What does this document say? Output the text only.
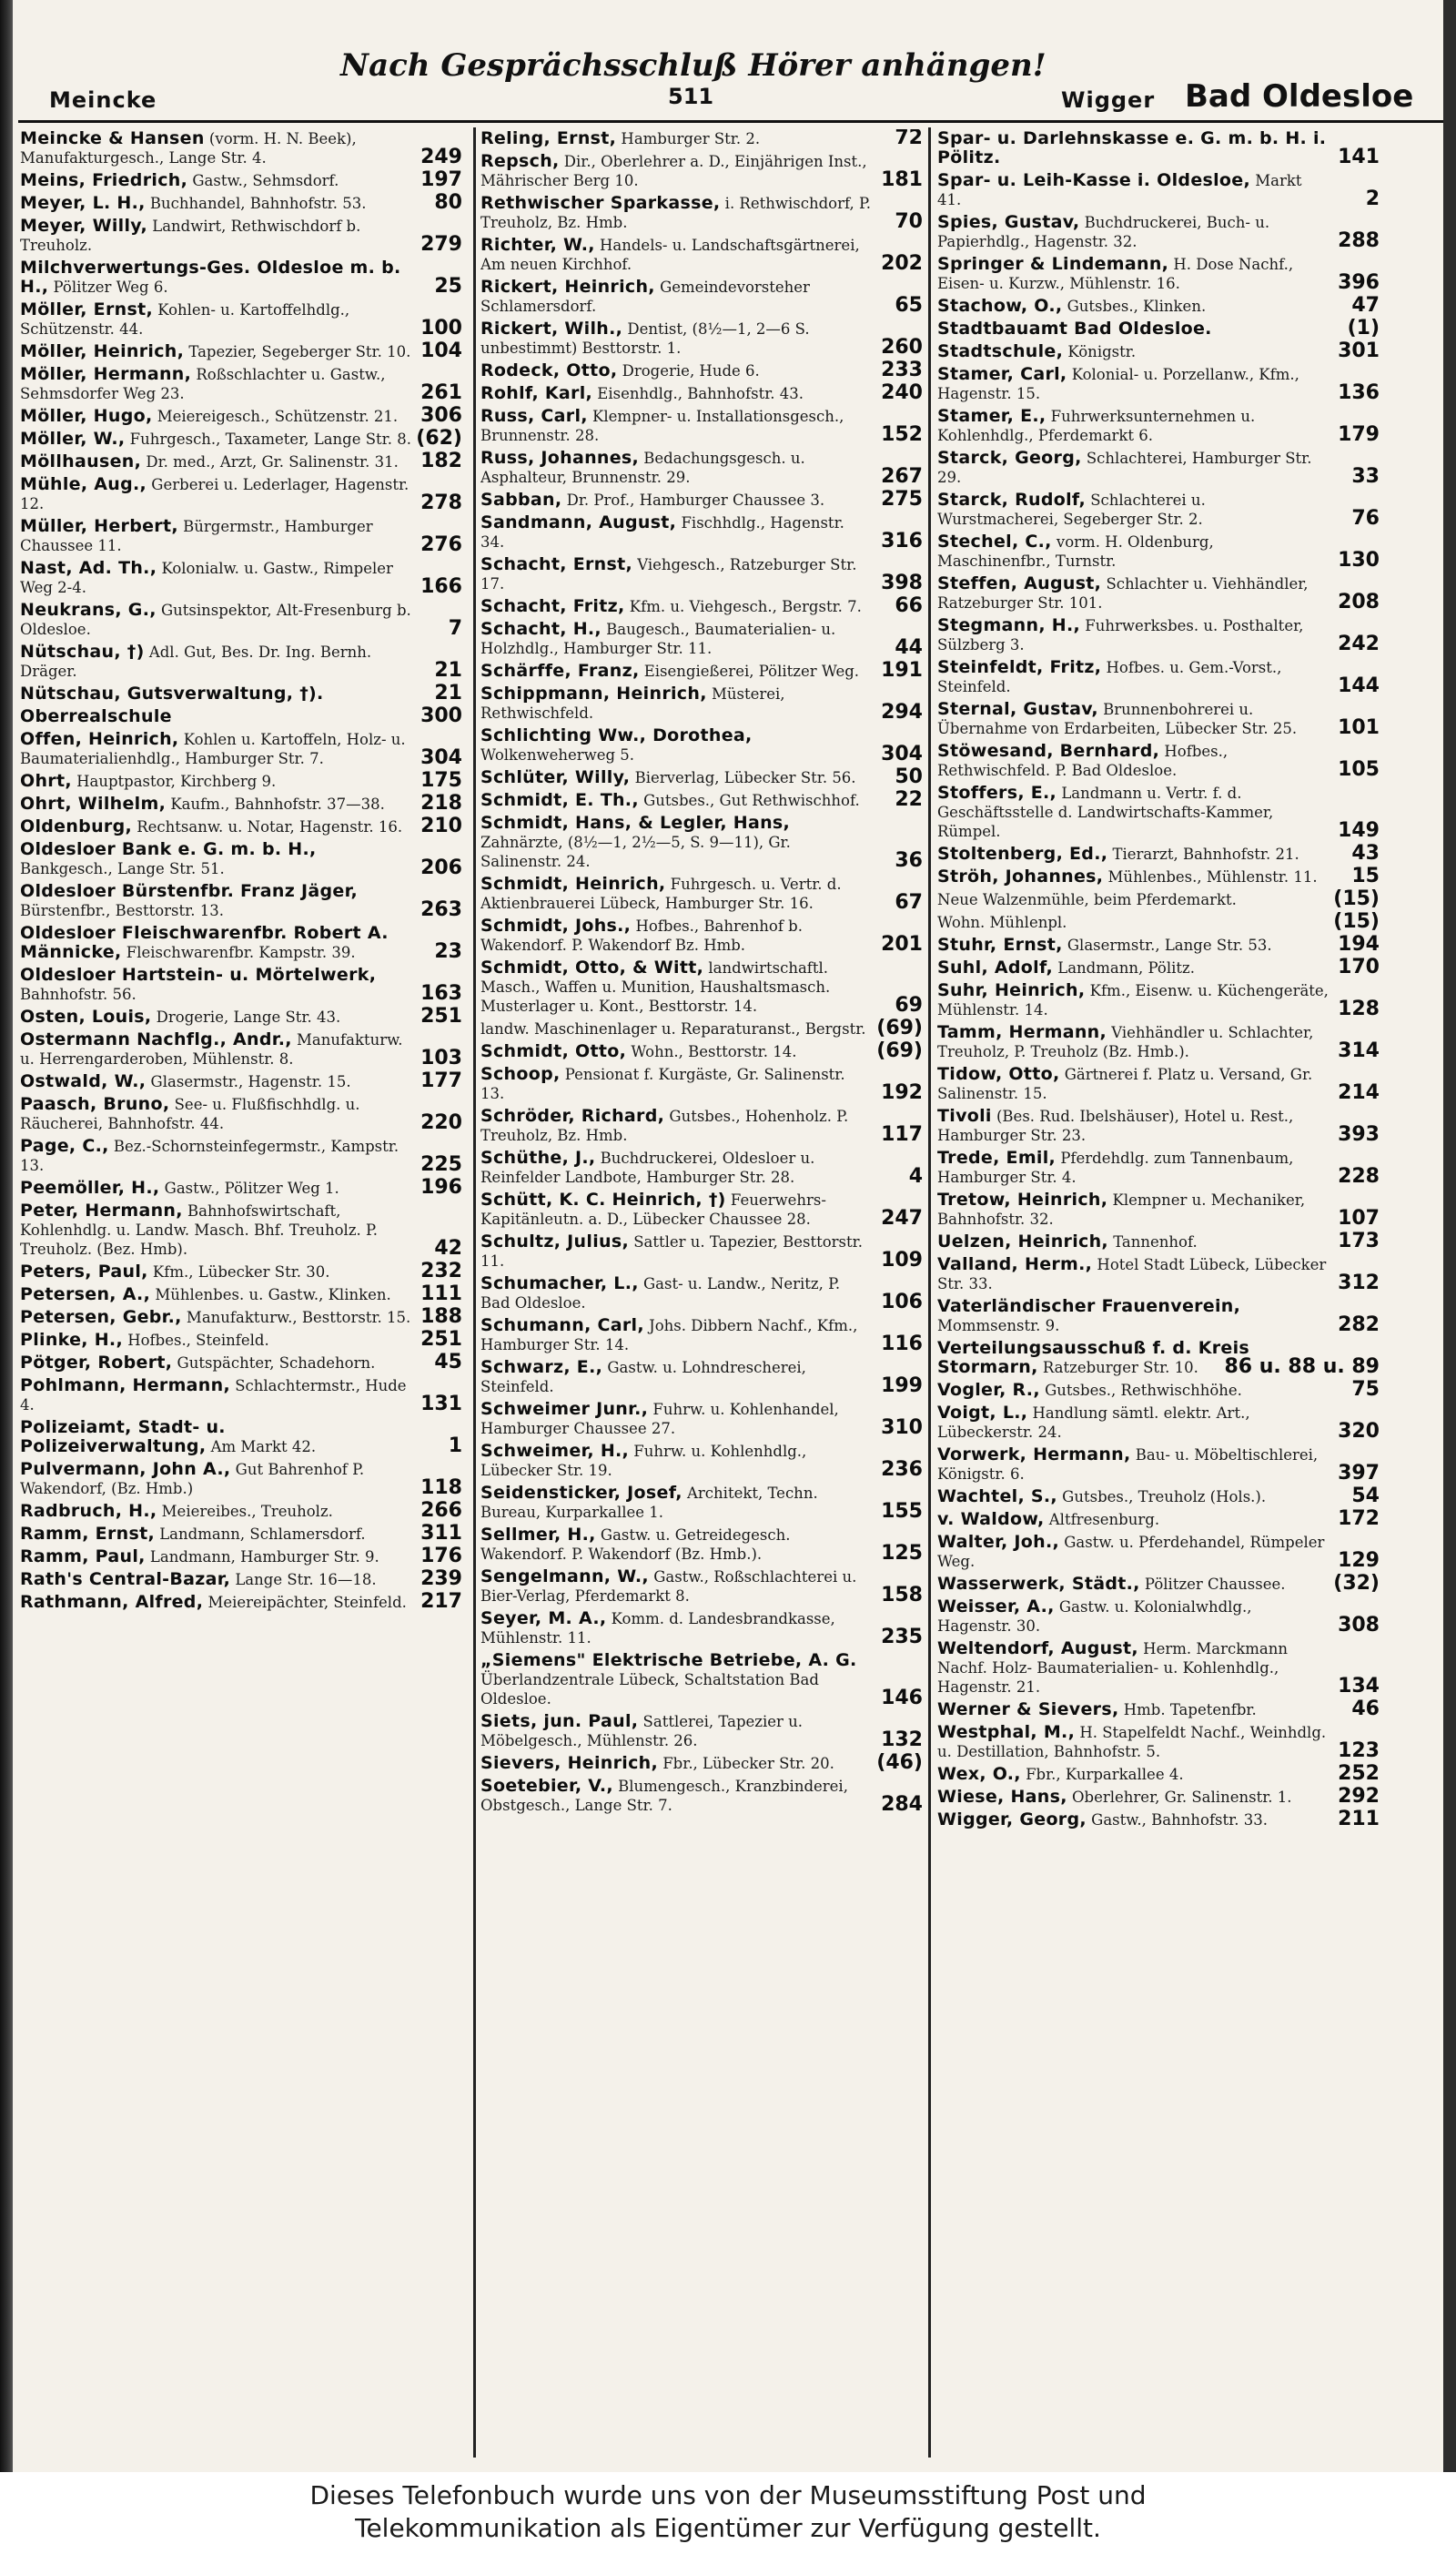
Nach Gesprächsschluß Hörer anhängen!
Meincke	511	Wigger Bad Oldesloe
Meincke & Hansen (vorm. H. N. Beek), Manufakturgesch., Lange Str. 4.	249
Meins, Friedrich, Gastw., Sehmsdorf.	197
Meyer, L. H., Buchhandel, Bahnhofstr. 53.	80
Meyer, Willy, Landwirt, Rethwischdorf b. Treuholz.	279
Milchverwertungs-Ges. Oldesloe m. b. H., Pölitzer Weg 6.	25
Möller, Ernst, Kohlen- u. Kartoffelhdlg., Schützenstr. 44.	100
Möller, Heinrich, Tapezier, Segeberger Str. 10. 104
Möller, Hermann, Roßschlachter u. Gastw., Sehmsdorfer Weg 23.	261
Möller, Hugo, Meiereigesch., Schützenstr. 21. 306
Möller, W., Fuhrgesch., Taxameter, Lange Str. 8. (62)
Möllhausen, Dr. med., Arzt, Gr. Salinenstr. 31. 182
Mühle, Aug., Gerberei u. Lederlager, Hagenstr. 12.	278
Müller, Herbert, Bürgermstr., Hamburger Chaussee 11.	276
Nast, Ad. Th., Kolonialw. u. Gastw., Rimpeler Weg 2-4.	166
Neukrans, G., Gutsinspektor, Alt-Fresenburg b. Oldesloe.	7
Nütschau, †) Adl. Gut, Bes. Dr. Ing. Bernh. Dräger.	21
Nütschau, Gutsverwaltung, †).	21
Oberrealschule	300
Offen, Heinrich, Kohlen u. Kartoffeln, Holz- u. Baumaterialienhdlg., Hamburger Str. 7.	304
Ohrt, Hauptpastor, Kirchberg 9.	175
Ohrt, Wilhelm, Kaufm., Bahnhofstr. 37—38. 218
Oldenburg, Rechtsanw. u. Notar, Hagenstr. 16. 210
Oldesloer Bank e. G. m. b. H., Bankgesch., Lange Str. 51.	206
Oldesloer Bürstenfbr. Franz Jäger, Bürstenfbr., Besttorstr. 13.	263
Oldesloer Fleischwarenfbr. Robert A. Männicke, Fleischwarenfbr. Kampstr. 39.	23
Oldesloer Hartstein- u. Mörtelwerk, Bahnhofstr. 56.	163
Osten, Louis, Drogerie, Lange Str. 43.	251
Ostermann Nachflg., Andr., Manufakturw. u. Herrengarderoben, Mühlenstr. 8.	103
Ostwald, W., Glasermstr., Hagenstr. 15.	177
Paasch, Bruno, See- u. Flußfischhdlg. u. Räucherei, Bahnhofstr. 44.	220
Page, C., Bez.-Schornsteinfegermstr., Kampstr. 13.	225
Peemöller, H., Gastw., Pölitzer Weg 1.	196
Peter, Hermann, Bahnhofswirtschaft, Kohlenhdlg. u. Landw. Masch. Bhf. Treuholz. P. Treuholz. (Bez. Hmb).	42
Peters, Paul, Kfm., Lübecker Str. 30.	232
Petersen, A., Mühlenbes. u. Gastw., Klinken. 111
Petersen, Gebr., Manufakturw., Besttorstr. 15. 188
Plinke, H., Hofbes., Steinfeld.	251
Pötger, Robert, Gutspächter, Schadehorn.	45
Pohlmann, Hermann, Schlachtermstr., Hude 4.	131
Polizeiamt, Stadt- u. Polizeiverwaltung, Am Markt 42.	1
Pulvermann, John A., Gut Bahrenhof P. Wakendorf, (Bz. Hmb.)	118
Radbruch, H., Meiereibes., Treuholz.	266
Ramm, Ernst, Landmann, Schlamersdorf.	311
Ramm, Paul, Landmann, Hamburger Str. 9. 176
Rath's Central-Bazar, Lange Str. 16—18. 239
Rathmann, Alfred, Meiereipächter, Steinfeld. 217
Reling, Ernst, Hamburger Str. 2.	72
Repsch, Dir., Oberlehrer a. D., Einjährigen Inst., Mährischer Berg 10.	181
Rethwischer Sparkasse, i. Rethwischdorf, P. Treuholz, Bz. Hmb.	70
Richter, W., Handels- u. Landschaftsgärtnerei, Am neuen Kirchhof.	202
Rickert, Heinrich, Gemeindevorsteher Schlamersdorf.	65
Rickert, Wilh., Dentist, (8½—1, 2—6 S. unbestimmt) Besttorstr. 1.	260
Rodeck, Otto, Drogerie, Hude 6.	233
Rohlf, Karl, Eisenhdlg., Bahnhofstr. 43.	240
Russ, Carl, Klempner- u. Installationsgesch., Brunnenstr. 28.	152
Russ, Johannes, Bedachungsgesch. u. Asphalteur, Brunnenstr. 29.	267
Sabban, Dr. Prof., Hamburger Chaussee 3.	275
Sandmann, August, Fischhdlg., Hagenstr. 34.	316
Schacht, Ernst, Viehgesch., Ratzeburger Str. 17.	398
Schacht, Fritz, Kfm. u. Viehgesch., Bergstr. 7. 66
Schacht, H., Baugesch., Baumaterialien- u. Holzhdlg., Hamburger Str. 11.	44
Schärffe, Franz, Eisengießerei, Pölitzer Weg. 191
Schippmann, Heinrich, Müsterei, Rethwischfeld.	294
Schlichting Ww., Dorothea, Wolkenweherweg 5.	304
Schlüter, Willy, Bierverlag, Lübecker Str. 56. 50
Schmidt, E. Th., Gutsbes., Gut Rethwischhof. 22
Schmidt, Hans, & Legler, Hans, Zahnärzte, (8½—1, 2½—5, S. 9—11), Gr. Salinenstr. 24.	36
Schmidt, Heinrich, Fuhrgesch. u. Vertr. d. Aktienbrauerei Lübeck, Hamburger Str. 16.	67
Schmidt, Johs., Hofbes., Bahrenhof b. Wakendorf. P. Wakendorf Bz. Hmb.	201
Schmidt, Otto, & Witt, landwirtschaftl. Masch., Waffen u. Munition, Haushaltsmasch. Musterlager u. Kont., Besttorstr. 14.	69
landw. Maschinenlager u. Reparaturanst., Bergstr. (69)
Schmidt, Otto, Wohn., Besttorstr. 14.	(69)
Schoop, Pensionat f. Kurgäste, Gr. Salinenstr. 13.	192
Schröder, Richard, Gutsbes., Hohenholz. P. Treuholz, Bz. Hmb.	117
Schüthe, J., Buchdruckerei, Oldesloer u. Reinfelder Landbote, Hamburger Str. 28.	4
Schütt, K. C. Heinrich, †) Feuerwehrs-Kapitänleutn. a. D., Lübecker Chaussee 28.	247
Schultz, Julius, Sattler u. Tapezier, Besttorstr. 11.	109
Schumacher, L., Gast- u. Landw., Neritz, P. Bad Oldesloe.	106
Schumann, Carl, Johs. Dibbern Nachf., Kfm., Hamburger Str. 14.	116
Schwarz, E., Gastw. u. Lohndrescherei, Steinfeld.	199
Schweimer Junr., Fuhrw. u. Kohlenhandel, Hamburger Chaussee 27.	310
Schweimer, H., Fuhrw. u. Kohlenhdlg., Lübecker Str. 19.	236
Seidensticker, Josef, Architekt, Techn. Bureau, Kurparkallee 1.	155
Sellmer, H., Gastw. u. Getreidegesch. Wakendorf. P. Wakendorf (Bz. Hmb.).	125
Sengelmann, W., Gastw., Roßschlachterei u. Bier-Verlag, Pferdemarkt 8.	158
Seyer, M. A., Komm. d. Landesbrandkasse, Mühlenstr. 11.	235
„Siemens" Elektrische Betriebe, A. G. Überlandzentrale Lübeck, Schaltstation Bad Oldesloe.	146
Siets, jun. Paul, Sattlerei, Tapezier u. Möbelgesch., Mühlenstr. 26.	132
Sievers, Heinrich, Fbr., Lübecker Str. 20. (46)
Soetebier, V., Blumengesch., Kranzbinderei, Obstgesch., Lange Str. 7.	284
Spar- u. Darlehnskasse e. G. m. b. H. i. Pölitz.	141
Spar- u. Leih-Kasse i. Oldesloe, Markt 41.	2
Spies, Gustav, Buchdruckerei, Buch- u. Papierhdlg., Hagenstr. 32.	288
Springer & Lindemann, H. Dose Nachf., Eisen- u. Kurzw., Mühlenstr. 16.	396
Stachow, O., Gutsbes., Klinken.	47
Stadtbauamt Bad Oldesloe.	(1)
Stadtschule, Königstr.	301
Stamer, Carl, Kolonial- u. Porzellanw., Kfm., Hagenstr. 15.	136
Stamer, E., Fuhrwerksunternehmen u. Kohlenhdlg., Pferdemarkt 6.	179
Starck, Georg, Schlachterei, Hamburger Str. 29.	33
Starck, Rudolf, Schlachterei u. Wurstmacherei, Segeberger Str. 2.	76
Stechel, C., vorm. H. Oldenburg, Maschinenfbr., Turnstr.	130
Steffen, August, Schlachter u. Viehhändler, Ratzeburger Str. 101.	208
Stegmann, H., Fuhrwerksbes. u. Posthalter, Sülzberg 3.	242
Steinfeldt, Fritz, Hofbes. u. Gem.-Vorst., Steinfeld.	144
Sternal, Gustav, Brunnenbohrerei u. Übernahme von Erdarbeiten, Lübecker Str. 25. 101
Stöwesand, Bernhard, Hofbes., Rethwischfeld. P. Bad Oldesloe.	105
Stoffers, E., Landmann u. Vertr. f. d. Geschäftsstelle d. Landwirtschafts-Kammer, Rümpel.	149
Stoltenberg, Ed., Tierarzt, Bahnhofstr. 21.	43
Ströh, Johannes, Mühlenbes., Mühlenstr. 11. 15
Neue Walzenmühle, beim Pferdemarkt.	(15)
Wohn. Mühlenpl.	(15)
Stuhr, Ernst, Glasermstr., Lange Str. 53.	194
Suhl, Adolf, Landmann, Pölitz.	170
Suhr, Heinrich, Kfm., Eisenw. u. Küchengeräte, Mühlenstr. 14.	128
Tamm, Hermann, Viehhändler u. Schlachter, Treuholz, P. Treuholz (Bz. Hmb.).	314
Tidow, Otto, Gärtnerei f. Platz u. Versand, Gr. Salinenstr. 15.	214
Tivoli (Bes. Rud. Ibelshäuser), Hotel u. Rest., Hamburger Str. 23.	393
Trede, Emil, Pferdehdlg. zum Tannenbaum, Hamburger Str. 4.	228
Tretow, Heinrich, Klempner u. Mechaniker, Bahnhofstr. 32.	107
Uelzen, Heinrich, Tannenhof.	173
Valland, Herm., Hotel Stadt Lübeck, Lübecker Str. 33.	312
Vaterländischer Frauenverein, Mommsenstr. 9.	282
Verteilungsausschuß f. d. Kreis Stormarn, Ratzeburger Str. 10. 86 u. 88 u. 89
Vogler, R., Gutsbes., Rethwischhöhe.	75
Voigt, L., Handlung sämtl. elektr. Art., Lübeckerstr. 24.	320
Vorwerk, Hermann, Bau- u. Möbeltischlerei, Königstr. 6.	397
Wachtel, S., Gutsbes., Treuholz (Hols.).	54
v. Waldow, Altfresenburg.	172
Walter, Joh., Gastw. u. Pferdehandel, Rümpeler Weg.	129
Wasserwerk, Städt., Pölitzer Chaussee. (32)
Weisser, A., Gastw. u. Kolonialwhdlg., Hagenstr. 30.	308
Weltendorf, August, Herm. Marckmann Nachf. Holz- Baumaterialien- u. Kohlenhdlg., Hagenstr. 21.	134
Werner & Sievers, Hmb. Tapetenfbr.	46
Westphal, M., H. Stapelfeldt Nachf., Weinhdlg. u. Destillation, Bahnhofstr. 5.	123
Wex, O., Fbr., Kurparkallee 4.	252
Wiese, Hans, Oberlehrer, Gr. Salinenstr. 1. 292
Wigger, Georg, Gastw., Bahnhofstr. 33.	211
Dieses Telefonbuch wurde uns von der Museumsstiftung Post und
Telekommunikation als Eigentümer zur Verfügung gestellt.
